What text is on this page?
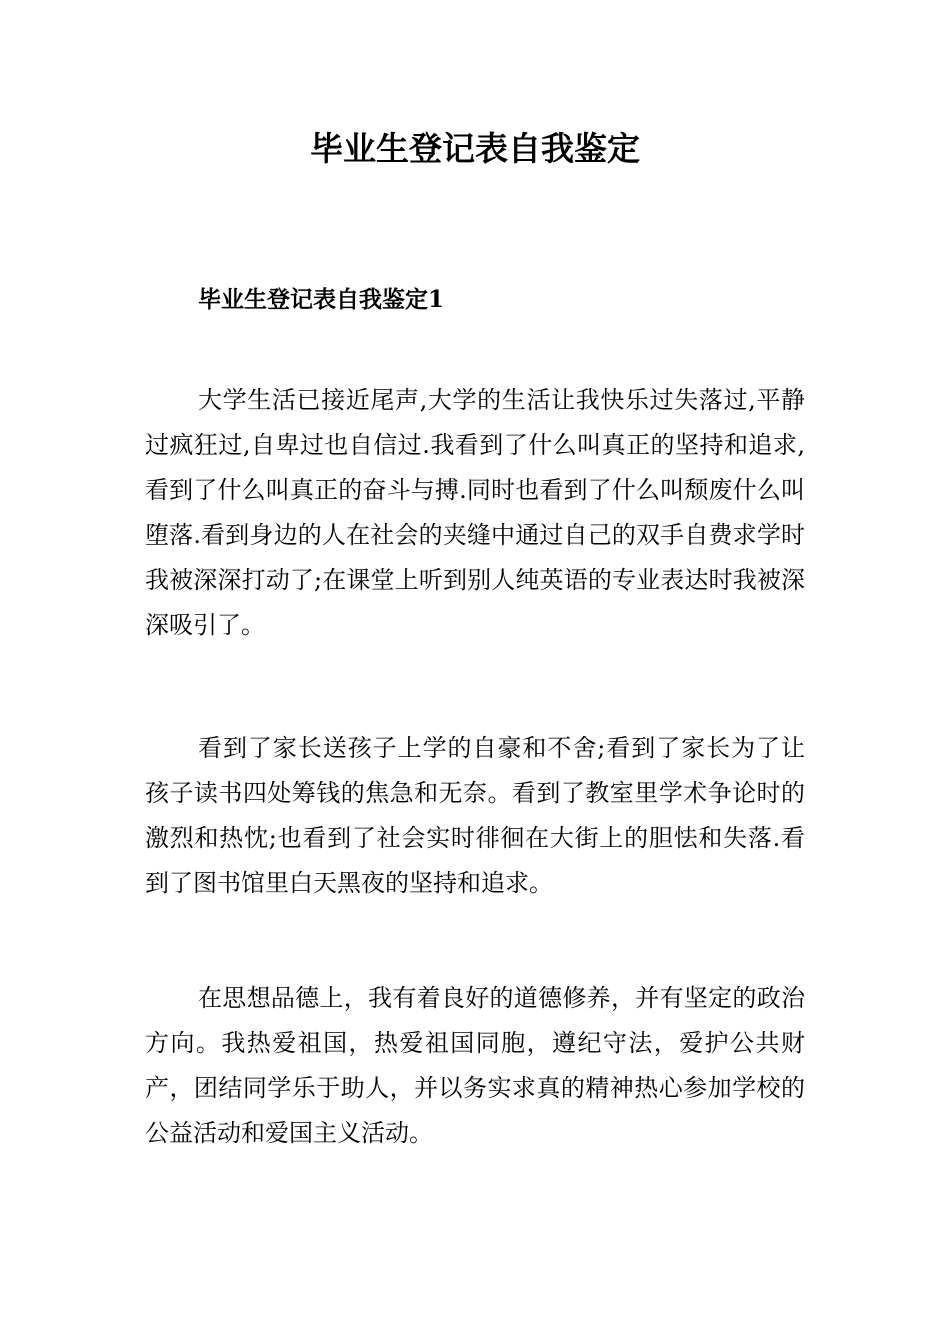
毕业生登记表自我鉴定
毕业生登记表自我鉴定1

大学生活已接近尾声,大学的生活让我快乐过失落过,平静过疯狂过,自卑过也自信过.我看到了什么叫真正的坚持和追求,看到了什么叫真正的奋斗与搏.同时也看到了什么叫颓废什么叫堕落.看到身边的人在社会的夹缝中通过自己的双手自费求学时我被深深打动了;在课堂上听到别人纯英语的专业表达时我被深深吸引了。

看到了家长送孩子上学的自豪和不舍;看到了家长为了让孩子读书四处筹钱的焦急和无奈。看到了教室里学术争论时的激烈和热忱;也看到了社会实时徘徊在大街上的胆怯和失落.看到了图书馆里白天黑夜的坚持和追求。

在思想品德上，我有着良好的道德修养，并有坚定的政治方向。我热爱祖国，热爱祖国同胞，遵纪守法，爱护公共财产，团结同学乐于助人，并以务实求真的精神热心参加学校的公益活动和爱国主义活动。
